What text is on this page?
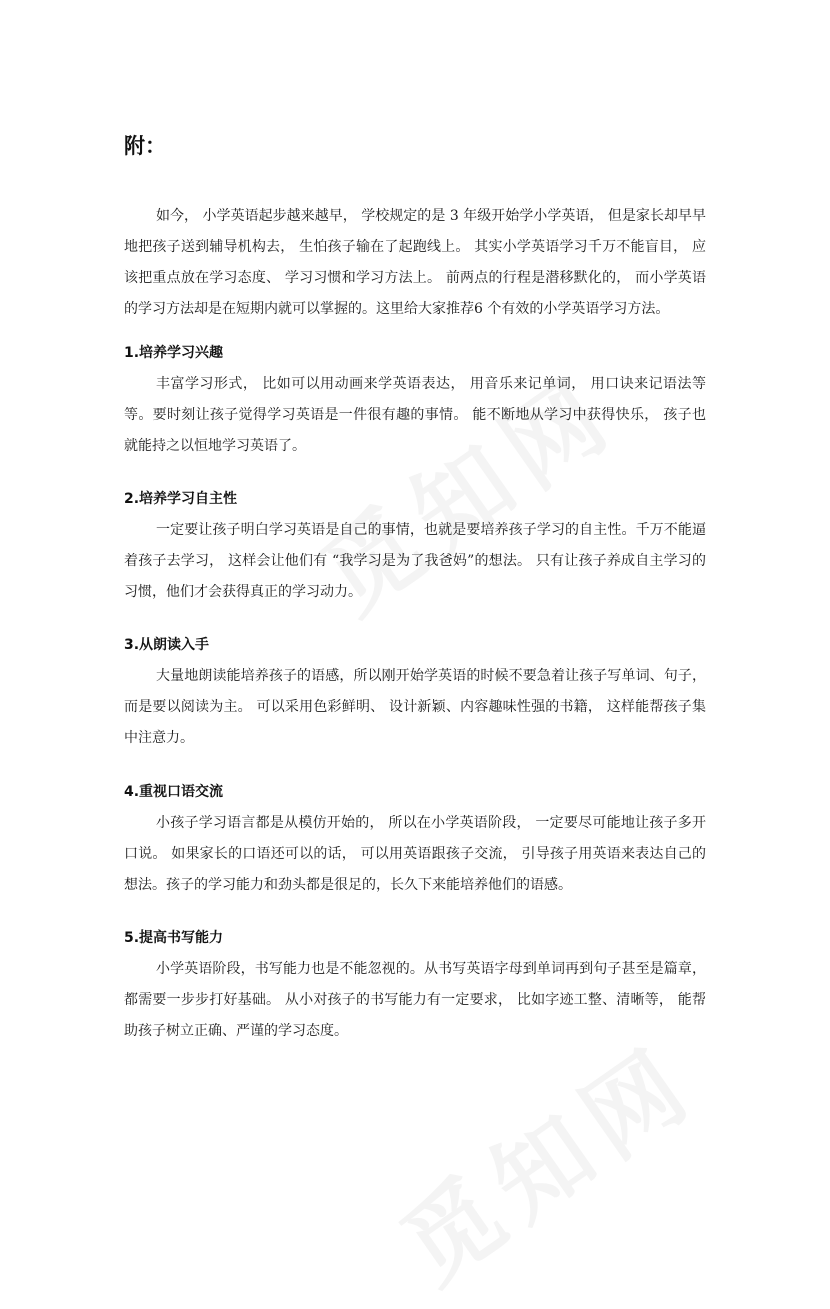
附：

如今， 小学英语起步越来越早， 学校规定的是 3 年级开始学小学英语， 但是家长却早早地把孩子送到辅导机构去， 生怕孩子输在了起跑线上。 其实小学英语学习千万不能盲目， 应该把重点放在学习态度、 学习习惯和学习方法上。 前两点的行程是潜移默化的， 而小学英语的学习方法却是在短期内就可以掌握的。这里给大家推荐6 个有效的小学英语学习方法。

1.培养学习兴趣

丰富学习形式， 比如可以用动画来学英语表达， 用音乐来记单词， 用口诀来记语法等等。要时刻让孩子觉得学习英语是一件很有趣的事情。 能不断地从学习中获得快乐， 孩子也就能持之以恒地学习英语了。

2.培养学习自主性

一定要让孩子明白学习英语是自己的事情，也就是要培养孩子学习的自主性。千万不能逼着孩子去学习， 这样会让他们有 “我学习是为了我爸妈”的想法。 只有让孩子养成自主学习的习惯，他们才会获得真正的学习动力。

3.从朗读入手

大量地朗读能培养孩子的语感，所以刚开始学英语的时候不要急着让孩子写单词、句子，而是要以阅读为主。 可以采用色彩鲜明、 设计新颖、内容趣味性强的书籍， 这样能帮孩子集中注意力。

4.重视口语交流

小孩子学习语言都是从模仿开始的， 所以在小学英语阶段， 一定要尽可能地让孩子多开口说。 如果家长的口语还可以的话， 可以用英语跟孩子交流， 引导孩子用英语来表达自己的想法。孩子的学习能力和劲头都是很足的，长久下来能培养他们的语感。

5.提高书写能力

小学英语阶段，书写能力也是不能忽视的。从书写英语字母到单词再到句子甚至是篇章，都需要一步步打好基础。 从小对孩子的书写能力有一定要求， 比如字迹工整、清晰等， 能帮助孩子树立正确、严谨的学习态度。
